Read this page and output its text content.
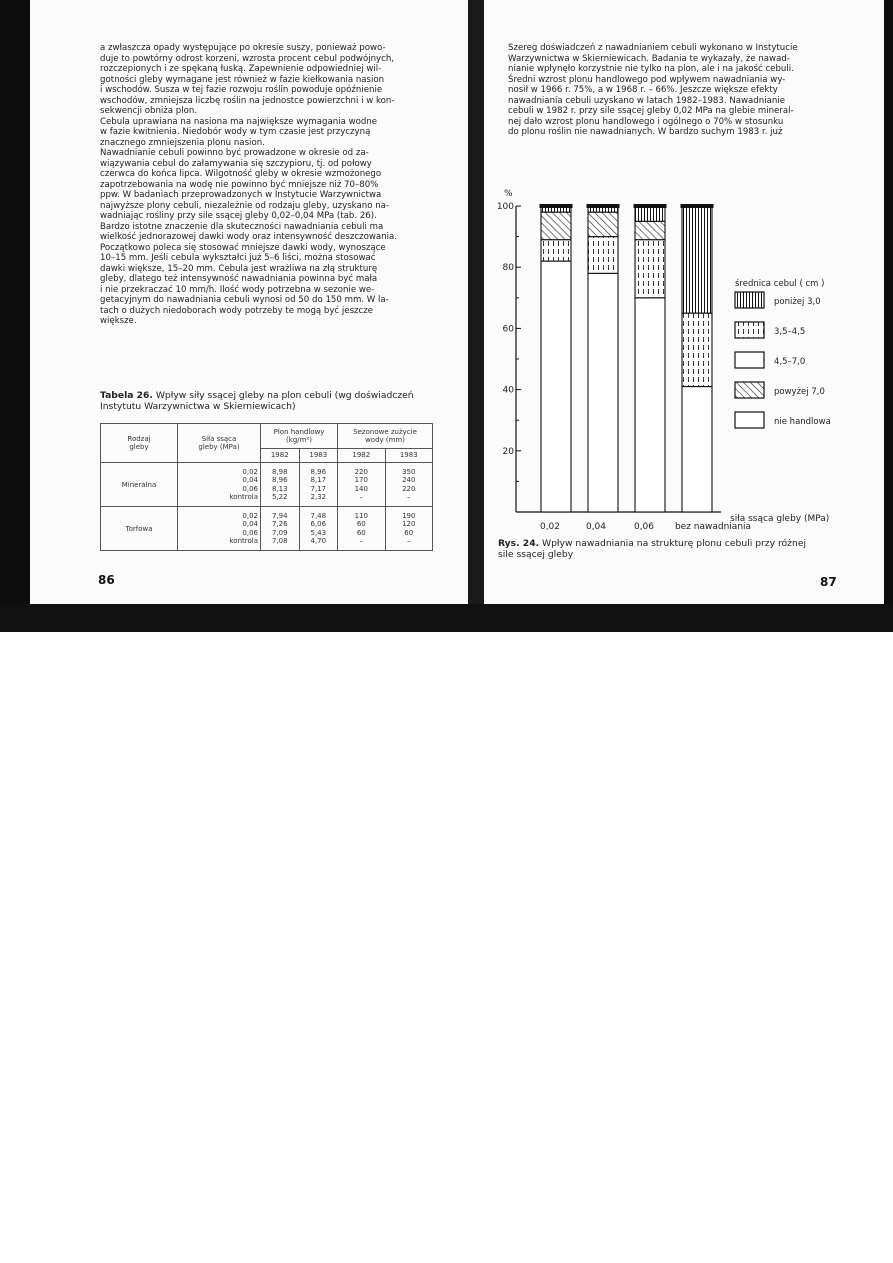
a zwłaszcza opady występujące po okresie suszy, ponieważ powo-
duje to powtórny odrost korzeni, wzrosta procent cebul podwójnych,
rozczepionych i ze spękaną łuską. Zapewnienie odpowiedniej wil-
gotności gleby wymagane jest również w fazie kiełkowania nasion
i wschodów. Susza w tej fazie rozwoju roślin powoduje opóźnienie
wschodów, zmniejsza liczbę roślin na jednostce powierzchni i w kon-
sekwencji obniża plon.
Cebula uprawiana na nasiona ma największe wymagania wodne
w fazie kwitnienia. Niedobór wody w tym czasie jest przyczyną
znacznego zmniejszenia plonu nasion.
Nawadnianie cebuli powinno być prowadzone w okresie od za-
wiązywania cebul do załamywania się szczypioru, tj. od połowy
czerwca do końca lipca. Wilgotność gleby w okresie wzmożonego
zapotrzebowania na wodę nie powinno być mniejsze niż 70–80%
ppw. W badaniach przeprowadzonych w Instytucie Warzywnictwa
najwyższe plony cebuli, niezależnie od rodzaju gleby, uzyskano na-
wadniając rośliny przy sile ssącej gleby 0,02–0,04 MPa (tab. 26).
Bardzo istotne znaczenie dla skuteczności nawadniania cebuli ma
wielkość jednorazowej dawki wody oraz intensywność deszczowania.
Początkowo poleca się stosować mniejsze dawki wody, wynoszące
10–15 mm. Jeśli cebula wykształci już 5–6 liści, można stosować
dawki większe, 15–20 mm. Cebula jest wrażliwa na złą strukturę
gleby, dlatego też intensywność nawadniania powinna być mała
i nie przekraczać 10 mm/h. Ilość wody potrzebna w sezonie we-
getacyjnym do nawadniania cebuli wynosi od 50 do 150 mm. W la-
tach o dużych niedoborach wody potrzeby te mogą być jeszcze
większe.
Tabela 26. Wpływ siły ssącej gleby na plon cebuli (wg doświadczeń
Instytutu Warzywnictwa w Skierniewicach)
Rodzaj
gleby	Siła ssąca
gleby (MPa)	Plon handlowy
(kg/m²)		Sezonowe zużycie
wody (mm)	
		1982	1983	1982	1983
Mineralna	0,02
0,04
0,06
kontrola	8,98
8,96
8,13
5,22	8,96
8,17
7,17
2,32	220
170
140
–	350
240
220
–
Torfowa	0,02
0,04
0,06
kontrola	7,94
7,26
7,09
7,08	7,48
6,06
5,43
4,70	110
60
60
–	190
120
60
–
86
Szereg doświadczeń z nawadnianiem cebuli wykonano w Instytucie
Warzywnictwa w Skierniewicach. Badania te wykazały, że nawad-
nianie wpłynęło korzystnie nie tylko na plon, ale i na jakość cebuli.
Średni wzrost plonu handlowego pod wpływem nawadniania wy-
nosił w 1966 r. 75%, a w 1968 r. – 66%. Jeszcze większe efekty
nawadniania cebuli uzyskano w latach 1982–1983. Nawadnianie
cebuli w 1982 r. przy sile ssącej gleby 0,02 MPa na glebie mineral-
nej dało wzrost plonu handlowego i ogólnego o 70% w stosunku
do plonu roślin nie nawadnianych. W bardzo suchym 1983 r. już
%
20
40
60
80
100
siła ssąca gleby (MPa)
0,02	0,04	0,06 bez nawadniania
średnica cebul ( cm )
poniżej 3,0
3,5–4,5
4,5–7,0
powyżej 7,0
nie handlowa
Rys. 24. Wpływ nawadniania na strukturę plonu cebuli przy różnej
sile ssącej gleby
87
